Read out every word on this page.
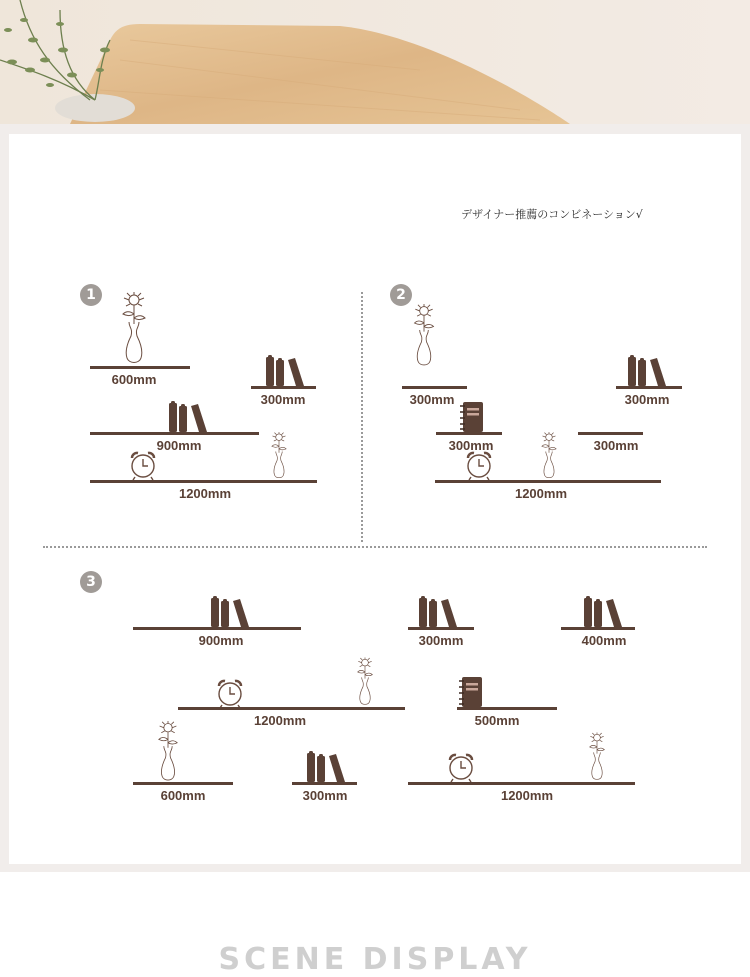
デザイナー推薦のコンビネーション√
1
600mm
300mm
900mm
1200mm
2
300mm	300mm
300mm	300mm
1200mm
3
900mm	300mm	400mm
1200mm	500mm
600mm	300mm	1200mm
SCENE DISPLAY
